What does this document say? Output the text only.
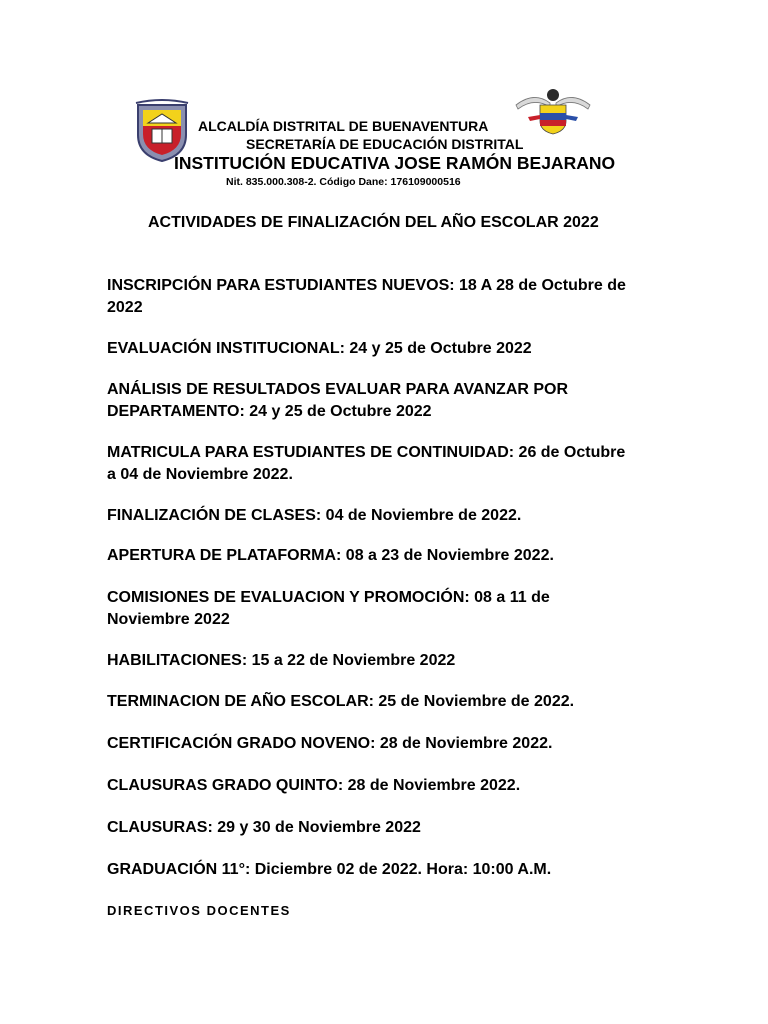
ALCALDÍA DISTRITAL DE BUENAVENTURA
SECRETARÍA DE EDUCACIÓN DISTRITAL
INSTITUCIÓN EDUCATIVA JOSE RAMÓN BEJARANO
Nit. 835.000.308-2. Código Dane: 176109000516
ACTIVIDADES DE FINALIZACIÓN DEL AÑO ESCOLAR 2022
INSCRIPCIÓN PARA ESTUDIANTES NUEVOS: 18 A 28 de Octubre de
2022
EVALUACIÓN INSTITUCIONAL: 24 y 25 de Octubre 2022
ANÁLISIS DE RESULTADOS EVALUAR PARA AVANZAR POR
DEPARTAMENTO: 24 y 25 de Octubre 2022
MATRICULA PARA ESTUDIANTES DE CONTINUIDAD: 26 de Octubre
a 04 de Noviembre 2022.
FINALIZACIÓN DE CLASES: 04 de Noviembre de 2022.
APERTURA DE PLATAFORMA: 08 a 23 de Noviembre 2022.
COMISIONES DE EVALUACION Y PROMOCIÓN: 08 a 11 de
Noviembre 2022
HABILITACIONES: 15 a 22 de Noviembre 2022
TERMINACION DE AÑO ESCOLAR: 25 de Noviembre de 2022.
CERTIFICACIÓN GRADO NOVENO: 28 de Noviembre 2022.
CLAUSURAS GRADO QUINTO: 28 de Noviembre 2022.
CLAUSURAS: 29 y 30 de Noviembre 2022
GRADUACIÓN 11°: Diciembre 02 de 2022. Hora: 10:00 A.M.
DIRECTIVOS DOCENTES
